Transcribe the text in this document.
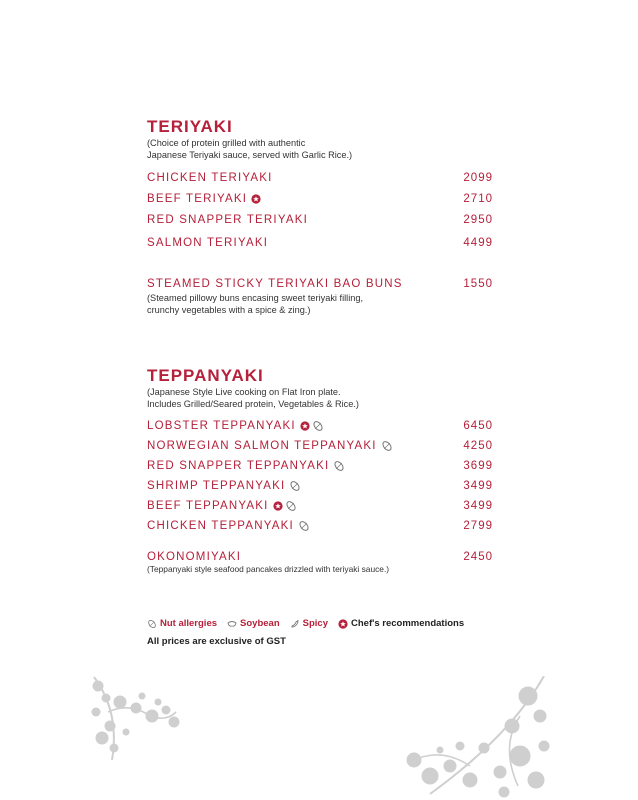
TERIYAKI
(Choice of protein grilled with authentic
Japanese Teriyaki sauce, served with Garlic Rice.)
CHICKEN TERIYAKI	2099
BEEF TERIYAKI	2710
RED SNAPPER TERIYAKI	2950
SALMON TERIYAKI	4499
STEAMED STICKY TERIYAKI BAO BUNS	1550
(Steamed pillowy buns encasing sweet teriyaki filling,
crunchy vegetables with a spice & zing.)
TEPPANYAKI
(Japanese Style Live cooking on Flat Iron plate.
Includes Grilled/Seared protein, Vegetables & Rice.)
LOBSTER TEPPANYAKI	6450
NORWEGIAN SALMON TEPPANYAKI	4250
RED SNAPPER TEPPANYAKI	3699
SHRIMP TEPPANYAKI	3499
BEEF TEPPANYAKI	3499
CHICKEN TEPPANYAKI	2799
OKONOMIYAKI	2450
(Teppanyaki style seafood pancakes drizzled with teriyaki sauce.)
Nut allergies Soybean Spicy Chef's recommendations
All prices are exclusive of GST
